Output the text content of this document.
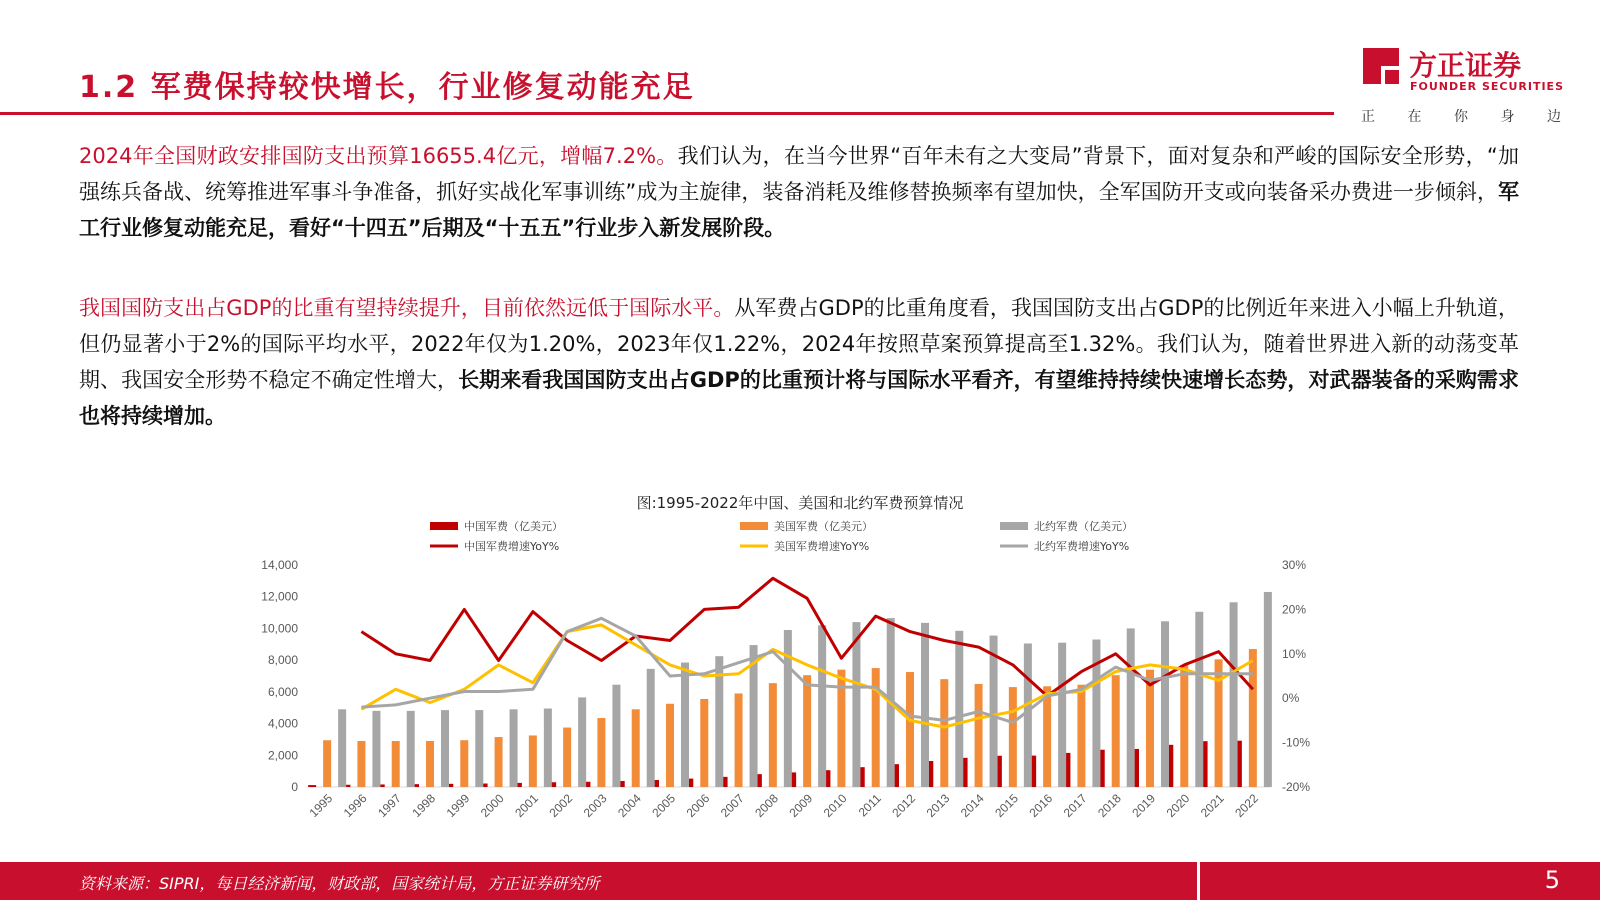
1.2 军费保持较快增长，行业修复动能充足
方正证券
FOUNDER SECURITIES
正 在 你 身 边
2024年全国财政安排国防支出预算16655.4亿元，增幅7.2%。我们认为，在当今世界“百年未有之大变局”背景下，面对复杂和严峻的国际安全形势，“加强练兵备战、统筹推进军事斗争准备，抓好实战化军事训练”成为主旋律，装备消耗及维修替换频率有望加快，全军国防开支或向装备采办费进一步倾斜，军工行业修复动能充足，看好“十四五”后期及“十五五”行业步入新发展阶段。
我国国防支出占GDP的比重有望持续提升，目前依然远低于国际水平。从军费占GDP的比重角度看，我国国防支出占GDP的比例近年来进入小幅上升轨道，但仍显著小于2%的国际平均水平，2022年仅为1.20%，2023年仅1.22%，2024年按照草案预算提高至1.32%。我们认为，随着世界进入新的动荡变革期、我国安全形势不稳定不确定性增大，长期来看我国国防支出占GDP的比重预计将与国际水平看齐，有望维持持续快速增长态势，对武器装备的采购需求也将持续增加。
图:1995-2022年中国、美国和北约军费预算情况
0
2,000
4,000
6,000
8,000
10,000
12,000
14,000
-20%
-10%
0%
10%
20%
30%
1995 1996 1997 1998 1999 2000 2001 2002 2003 2004 2005 2006 2007 2008 2009 2010 2011 2012 2013 2014 2015 2016 2017 2018 2019 2020 2021 2022
中国军费（亿美元）	美国军费（亿美元）	北约军费（亿美元）
中国军费增速YoY%	美国军费增速YoY%	北约军费增速YoY%
资料来源：SIPRI，每日经济新闻，财政部，国家统计局，方正证券研究所	5
